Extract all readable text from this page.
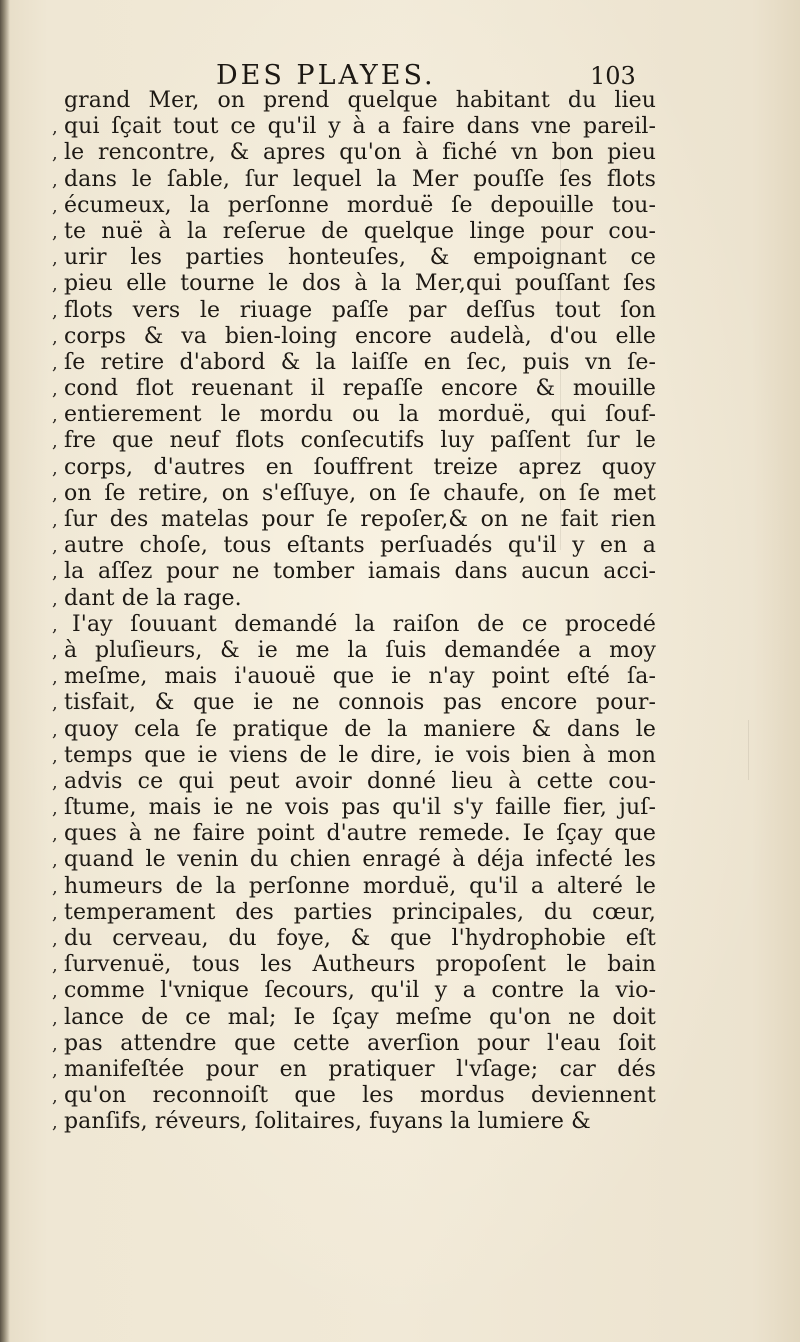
DES PLAYES.	103
grand Mer, on prend quelque habitant du lieu
, qui ſçait tout ce qu'il y à a faire dans vne pareil-
, le rencontre, & apres qu'on à fiché vn bon pieu
, dans le ſable, ſur lequel la Mer pouſſe ſes flots
, écumeux, la perſonne morduë ſe depouille tou-
, te nuë à la reſerue de quelque linge pour cou-
, urir les parties honteuſes, & empoignant ce
, pieu elle tourne le dos à la Mer,qui pouſſant ſes
, flots vers le riuage paſſe par deſſus tout ſon
, corps & va bien-loing encore audelà, d'ou elle
, ſe retire d'abord & la laiſſe en ſec, puis vn ſe-
, cond flot reuenant il repaſſe encore & mouille
, entierement le mordu ou la morduë, qui ſouf-
, fre que neuf flots conſecutifs luy paſſent ſur le
, corps, d'autres en ſouffrent treize aprez quoy
, on ſe retire, on s'eſſuye, on ſe chaufe, on ſe met
, ſur des matelas pour ſe repoſer,& on ne fait rien
, autre choſe, tous eſtants perſuadés qu'il y en a
, la aſſez pour ne tomber iamais dans aucun acci-
, dant de la rage.
, I'ay ſouuant demandé la raiſon de ce procedé
, à pluſieurs, & ie me la ſuis demandée a moy
, meſme, mais i'auouë que ie n'ay point eſté ſa-
, tisfait, & que ie ne connois pas encore pour-
, quoy cela ſe pratique de la maniere & dans le
, temps que ie viens de le dire, ie vois bien à mon
, advis ce qui peut avoir donné lieu à cette cou-
, ſtume, mais ie ne vois pas qu'il s'y faille fier, juſ-
, ques à ne faire point d'autre remede. Ie ſçay que
, quand le venin du chien enragé à déja infecté les
, humeurs de la perſonne morduë, qu'il a alteré le
, temperament des parties principales, du cœur,
, du cerveau, du foye, & que l'hydrophobie eſt
, ſurvenuë, tous les Autheurs propoſent le bain
, comme l'vnique ſecours, qu'il y a contre la vio-
, lance de ce mal; Ie ſçay meſme qu'on ne doit
, pas attendre que cette averſion pour l'eau ſoit
, manifeſtée pour en pratiquer l'vſage; car dés
, qu'on reconnoiſt que les mordus deviennent
, panſifs, réveurs, ſolitaires, fuyans la lumiere &
